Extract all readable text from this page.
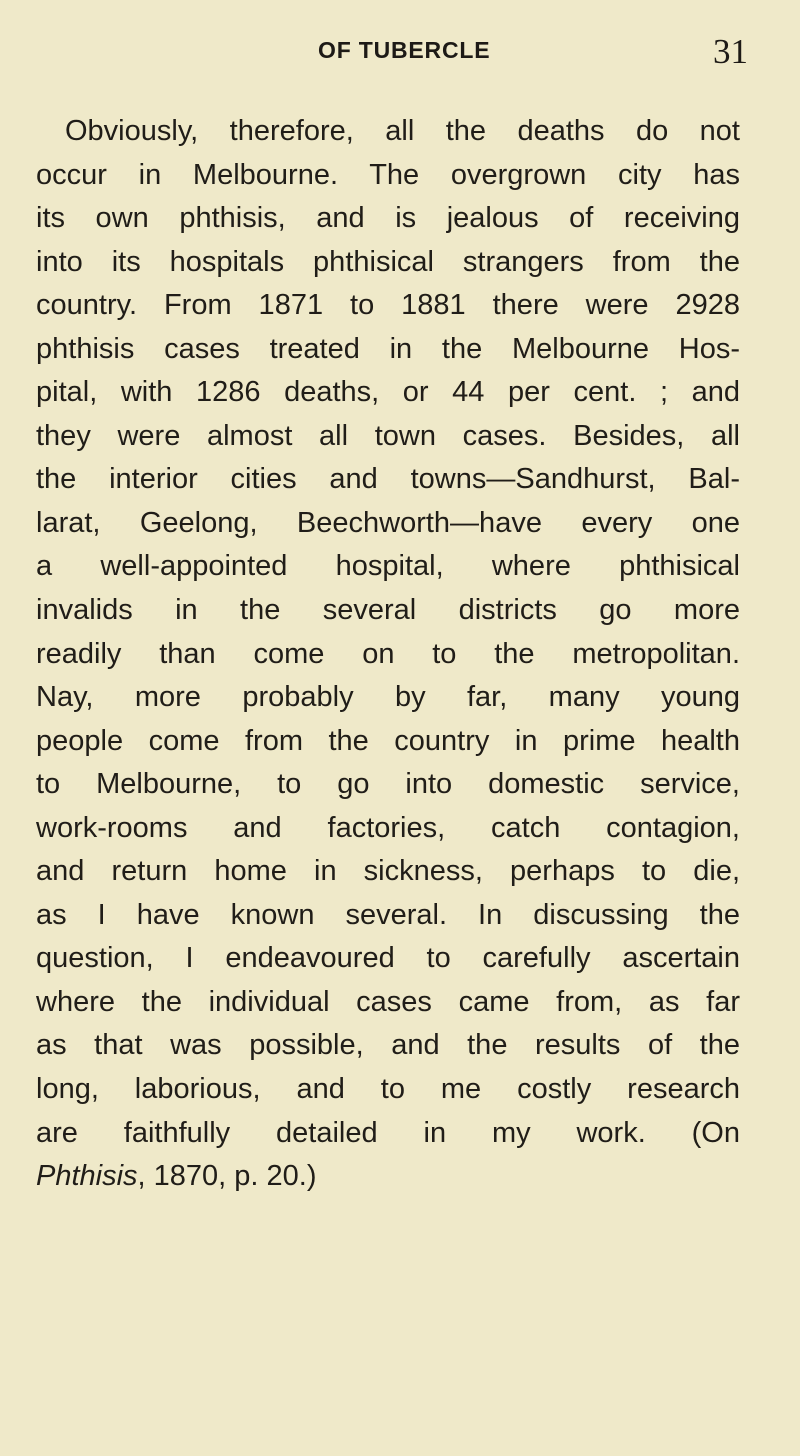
OF TUBERCLE	31
Obviously, therefore, all the deaths do not
occur in Melbourne. The overgrown city has
its own phthisis, and is jealous of receiving
into its hospitals phthisical strangers from the
country. From 1871 to 1881 there were 2928
phthisis cases treated in the Melbourne Hos-
pital, with 1286 deaths, or 44 per cent. ; and
they were almost all town cases. Besides, all
the interior cities and towns—Sandhurst, Bal-
larat, Geelong, Beechworth—have every one
a well-appointed hospital, where phthisical
invalids in the several districts go more
readily than come on to the metropolitan.
Nay, more probably by far, many young
people come from the country in prime health
to Melbourne, to go into domestic service,
work-rooms and factories, catch contagion,
and return home in sickness, perhaps to die,
as I have known several. In discussing the
question, I endeavoured to carefully ascertain
where the individual cases came from, as far
as that was possible, and the results of the
long, laborious, and to me costly research
are faithfully detailed in my work. (On
Phthisis, 1870, p. 20.)
